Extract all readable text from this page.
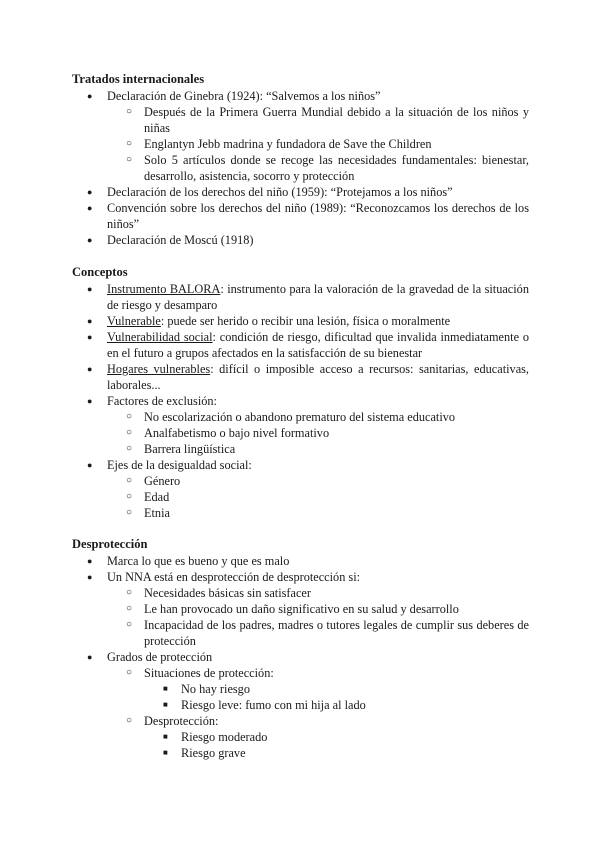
Tratados internacionales
● Declaración de Ginebra (1924): “Salvemos a los niños”
○ Después de la Primera Guerra Mundial debido a la situación de los niños y niñas
○ Englantyn Jebb madrina y fundadora de Save the Children
○ Solo 5 artículos donde se recoge las necesidades fundamentales: bienestar, desarrollo, asistencia, socorro y protección
● Declaración de los derechos del niño (1959): “Protejamos a los niños”
● Convención sobre los derechos del niño (1989): “Reconozcamos los derechos de los niños”
● Declaración de Moscú (1918)
Conceptos
● Instrumento BALORA: instrumento para la valoración de la gravedad de la situación de riesgo y desamparo
● Vulnerable: puede ser herido o recibir una lesión, física o moralmente
● Vulnerabilidad social: condición de riesgo, dificultad que invalida inmediatamente o en el futuro a grupos afectados en la satisfacción de su bienestar
● Hogares vulnerables: difícil o imposible acceso a recursos: sanitarias, educativas, laborales...
● Factores de exclusión:
○ No escolarización o abandono prematuro del sistema educativo
○ Analfabetismo o bajo nivel formativo
○ Barrera lingüística
● Ejes de la desigualdad social:
○ Género
○ Edad
○ Etnia
Desprotección
● Marca lo que es bueno y que es malo
● Un NNA está en desprotección de desprotección si:
○ Necesidades básicas sin satisfacer
○ Le han provocado un daño significativo en su salud y desarrollo
○ Incapacidad de los padres, madres o tutores legales de cumplir sus deberes de protección
● Grados de protección
○ Situaciones de protección:
■ No hay riesgo
■ Riesgo leve: fumo con mi hija al lado
○ Desprotección:
■ Riesgo moderado
■ Riesgo grave
